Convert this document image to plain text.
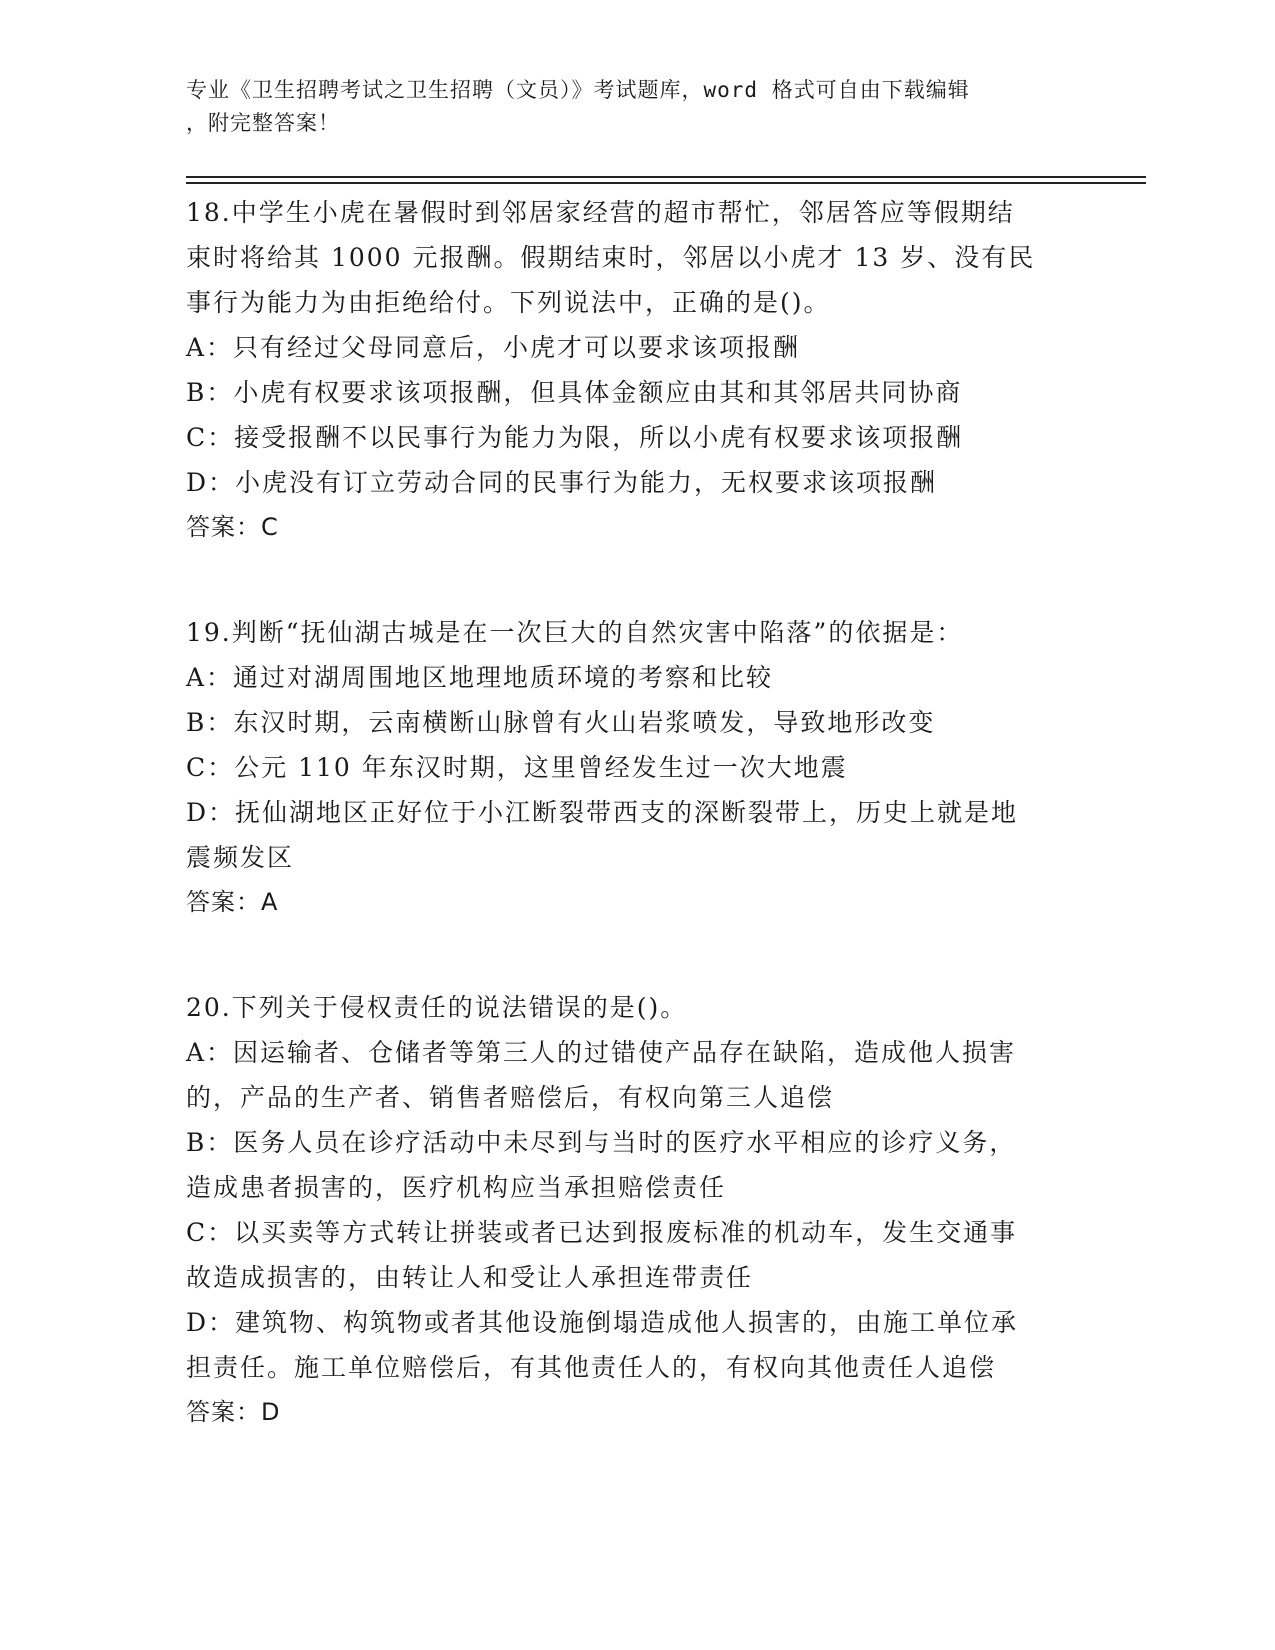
专业《卫生招聘考试之卫生招聘（文员）》考试题库，word 格式可自由下载编辑
，附完整答案！
18.中学生小虎在暑假时到邻居家经营的超市帮忙，邻居答应等假期结
束时将给其 1000 元报酬。假期结束时，邻居以小虎才 13 岁、没有民
事行为能力为由拒绝给付。下列说法中，正确的是()。
A：只有经过父母同意后，小虎才可以要求该项报酬
B：小虎有权要求该项报酬，但具体金额应由其和其邻居共同协商
C：接受报酬不以民事行为能力为限，所以小虎有权要求该项报酬
D：小虎没有订立劳动合同的民事行为能力，无权要求该项报酬
答案：C
19.判断“抚仙湖古城是在一次巨大的自然灾害中陷落”的依据是：
A：通过对湖周围地区地理地质环境的考察和比较
B：东汉时期，云南横断山脉曾有火山岩浆喷发，导致地形改变
C：公元 110 年东汉时期，这里曾经发生过一次大地震
D：抚仙湖地区正好位于小江断裂带西支的深断裂带上，历史上就是地
震频发区
答案：A
20.下列关于侵权责任的说法错误的是()。
A：因运输者、仓储者等第三人的过错使产品存在缺陷，造成他人损害
的，产品的生产者、销售者赔偿后，有权向第三人追偿
B：医务人员在诊疗活动中未尽到与当时的医疗水平相应的诊疗义务，
造成患者损害的，医疗机构应当承担赔偿责任
C：以买卖等方式转让拼装或者已达到报废标准的机动车，发生交通事
故造成损害的，由转让人和受让人承担连带责任
D：建筑物、构筑物或者其他设施倒塌造成他人损害的，由施工单位承
担责任。施工单位赔偿后，有其他责任人的，有权向其他责任人追偿
答案：D
